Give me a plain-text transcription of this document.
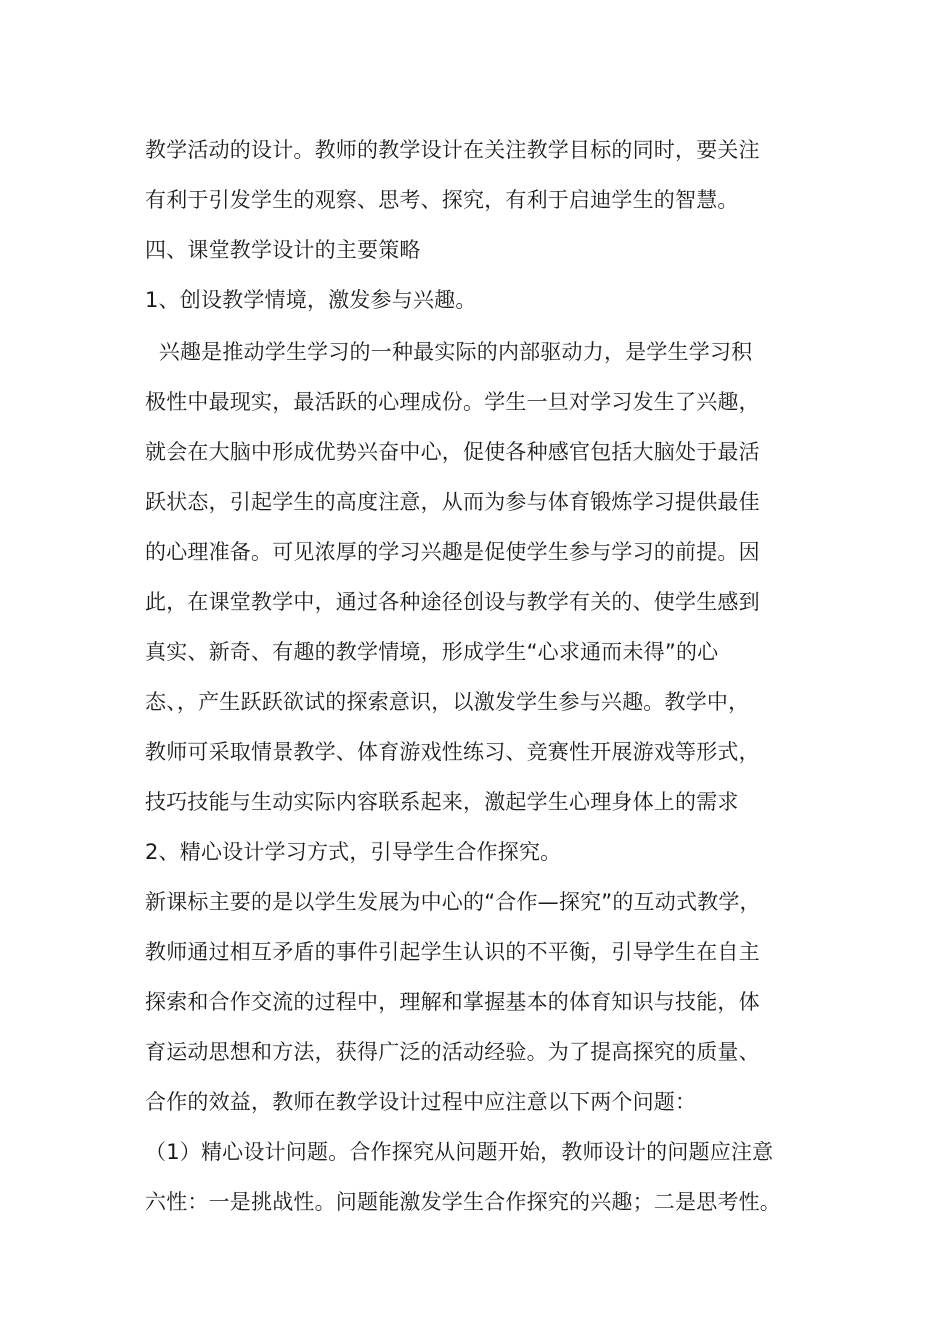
教学活动的设计。教师的教学设计在关注教学目标的同时，要关注
有利于引发学生的观察、思考、探究，有利于启迪学生的智慧。
四、课堂教学设计的主要策略
1、创设教学情境，激发参与兴趣。
兴趣是推动学生学习的一种最实际的内部驱动力，是学生学习积
极性中最现实，最活跃的心理成份。学生一旦对学习发生了兴趣，
就会在大脑中形成优势兴奋中心，促使各种感官包括大脑处于最活
跃状态，引起学生的高度注意，从而为参与体育锻炼学习提供最佳
的心理准备。可见浓厚的学习兴趣是促使学生参与学习的前提。因
此，在课堂教学中，通过各种途径创设与教学有关的、使学生感到
真实、新奇、有趣的教学情境，形成学生“心求通而未得”的心
态、，产生跃跃欲试的探索意识，以激发学生参与兴趣。教学中，
教师可采取情景教学、体育游戏性练习、竞赛性开展游戏等形式，
技巧技能与生动实际内容联系起来，激起学生心理身体上的需求
2、精心设计学习方式，引导学生合作探究。
新课标主要的是以学生发展为中心的“合作—探究”的互动式教学，
教师通过相互矛盾的事件引起学生认识的不平衡，引导学生在自主
探索和合作交流的过程中，理解和掌握基本的体育知识与技能，体
育运动思想和方法，获得广泛的活动经验。为了提高探究的质量、
合作的效益，教师在教学设计过程中应注意以下两个问题：
（1）精心设计问题。合作探究从问题开始，教师设计的问题应注意
六性：一是挑战性。问题能激发学生合作探究的兴趣；二是思考性。
